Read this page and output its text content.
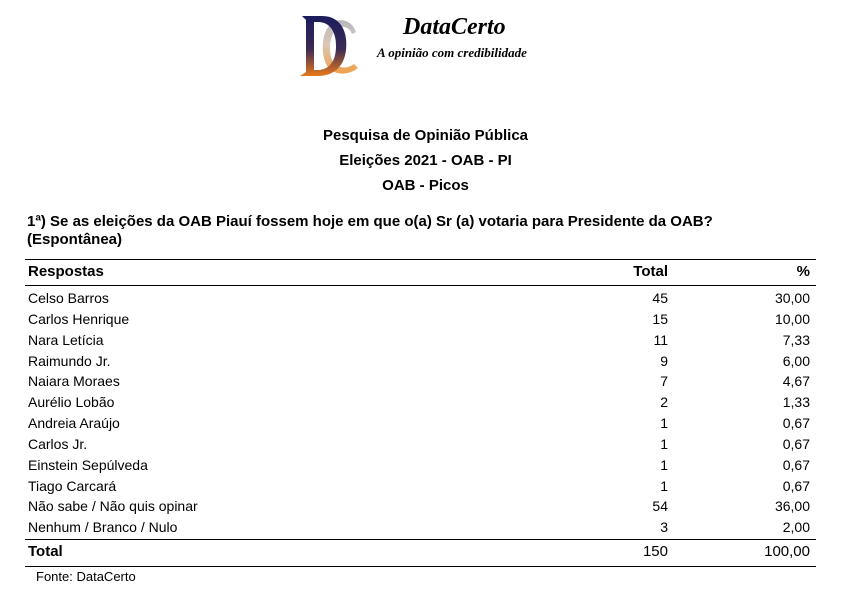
DataCerto
A opinião com credibilidade
Pesquisa de Opinião Pública
Eleições 2021 - OAB - PI
OAB - Picos
1ª) Se as eleições da OAB Piauí fossem hoje em que o(a) Sr (a) votaria para Presidente da OAB?
(Espontânea)
Respostas	Total	%
Celso Barros	45	30,00
Carlos Henrique	15	10,00
Nara Letícia	11	7,33
Raimundo Jr.	9	6,00
Naiara Moraes	7	4,67
Aurélio Lobão	2	1,33
Andreia Araújo	1	0,67
Carlos Jr.	1	0,67
Einstein Sepúlveda	1	0,67
Tiago Carcará	1	0,67
Não sabe / Não quis opinar	54	36,00
Nenhum / Branco / Nulo	3	2,00
Total	150	100,00
Fonte: DataCerto
